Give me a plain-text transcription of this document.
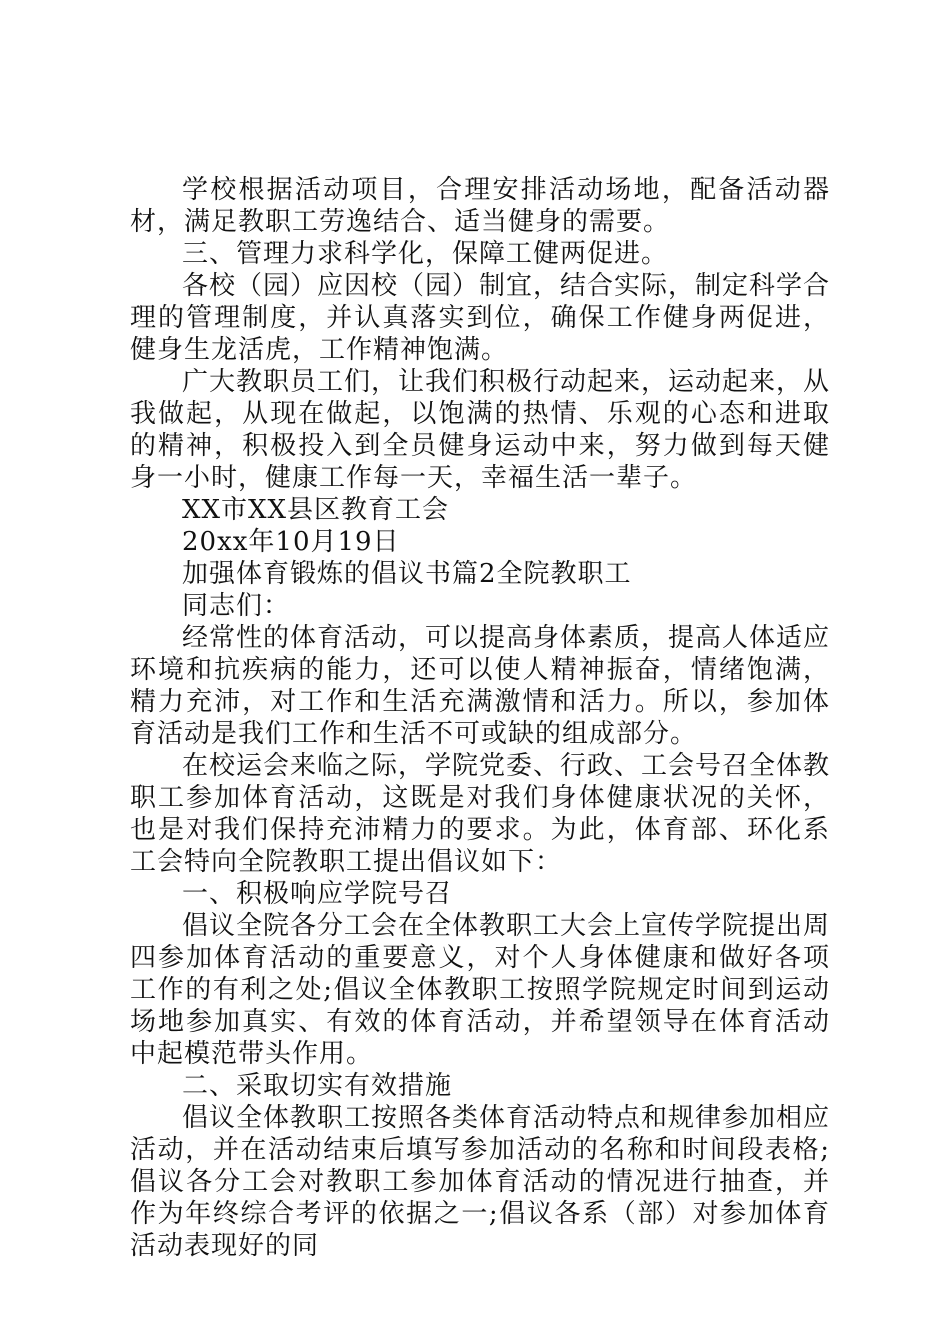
学校根据活动项目，合理安排活动场地，配备活动器材，满足教职工劳逸结合、适当健身的需要。

三、管理力求科学化，保障工健两促进。

各校（园）应因校（园）制宜，结合实际，制定科学合理的管理制度，并认真落实到位，确保工作健身两促进，健身生龙活虎，工作精神饱满。

广大教职员工们，让我们积极行动起来，运动起来，从我做起，从现在做起，以饱满的热情、乐观的心态和进取的精神，积极投入到全员健身运动中来，努力做到每天健身一小时，健康工作每一天，幸福生活一辈子。

XX市XX县区教育工会

20xx年10月19日

加强体育锻炼的倡议书篇2全院教职工

同志们：

经常性的体育活动，可以提高身体素质，提高人体适应环境和抗疾病的能力，还可以使人精神振奋，情绪饱满，精力充沛，对工作和生活充满激情和活力。所以，参加体育活动是我们工作和生活不可或缺的组成部分。

在校运会来临之际，学院党委、行政、工会号召全体教职工参加体育活动，这既是对我们身体健康状况的关怀，也是对我们保持充沛精力的要求。为此，体育部、环化系工会特向全院教职工提出倡议如下：

一、积极响应学院号召

倡议全院各分工会在全体教职工大会上宣传学院提出周四参加体育活动的重要意义，对个人身体健康和做好各项工作的有利之处;倡议全体教职工按照学院规定时间到运动场地参加真实、有效的体育活动，并希望领导在体育活动中起模范带头作用。

二、采取切实有效措施

倡议全体教职工按照各类体育活动特点和规律参加相应活动，并在活动结束后填写参加活动的名称和时间段表格;倡议各分工会对教职工参加体育活动的情况进行抽查，并作为年终综合考评的依据之一;倡议各系（部）对参加体育活动表现好的同
